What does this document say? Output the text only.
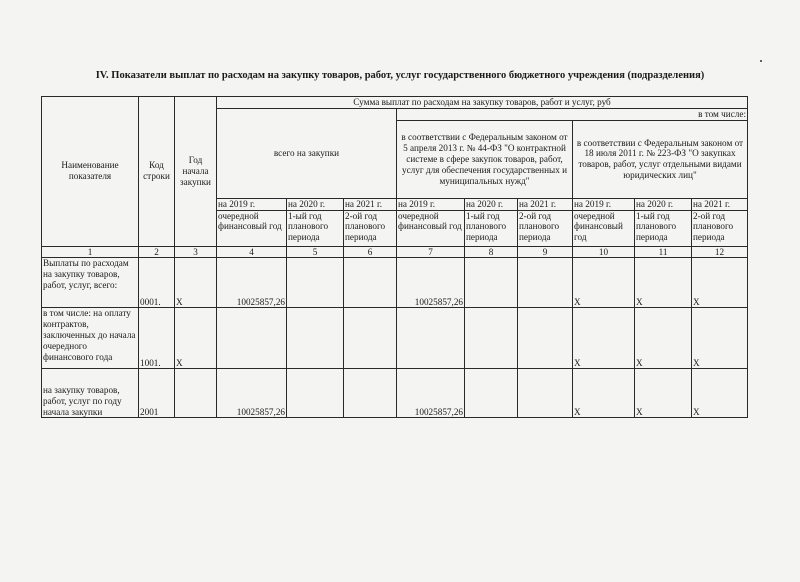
IV. Показатели выплат по расходам на закупку товаров, работ, услуг государственного бюджетного учреждения (подразделения)
Наименование показателя	Код строки	Год начала закупки	Сумма выплат по расходам на закупку товаров, работ и услуг, руб								
			всего на закупки			в том числе:					
						в соответствии с Федеральным законом от 5 апреля 2013 г. № 44-ФЗ "О контрактной системе в сфере закупок товаров, работ, услуг для обеспечения государственных и муниципальных нужд"			в соответствии с Федеральным законом от 18 июля 2011 г. № 223-ФЗ "О закупках товаров, работ, услуг отдельными видами юридических лиц"		
			на 2019 г.	на 2020 г.	на 2021 г.	на 2019 г.	на 2020 г.	на 2021 г.	на 2019 г.	на 2020 г.	на 2021 г.
			очередной финансовый год	1-ый год планового периода	2-ой год планового периода	очередной финансовый год	1-ый год планового периода	2-ой год планового периода	очередной финансовый год	1-ый год планового периода	2-ой год планового периода
1	2	3	4	5	6	7	8	9	10	11	12
Выплаты по расходам на закупку товаров, работ, услуг, всего:	0001.	X	10025857,26			10025857,26			X	X	X
в том числе: на оплату контрактов, заключенных до начала очередного финансового года	1001.	X							X	X	X
на закупку товаров, работ, услуг по году начала закупки	2001		10025857,26			10025857,26			X	X	X
